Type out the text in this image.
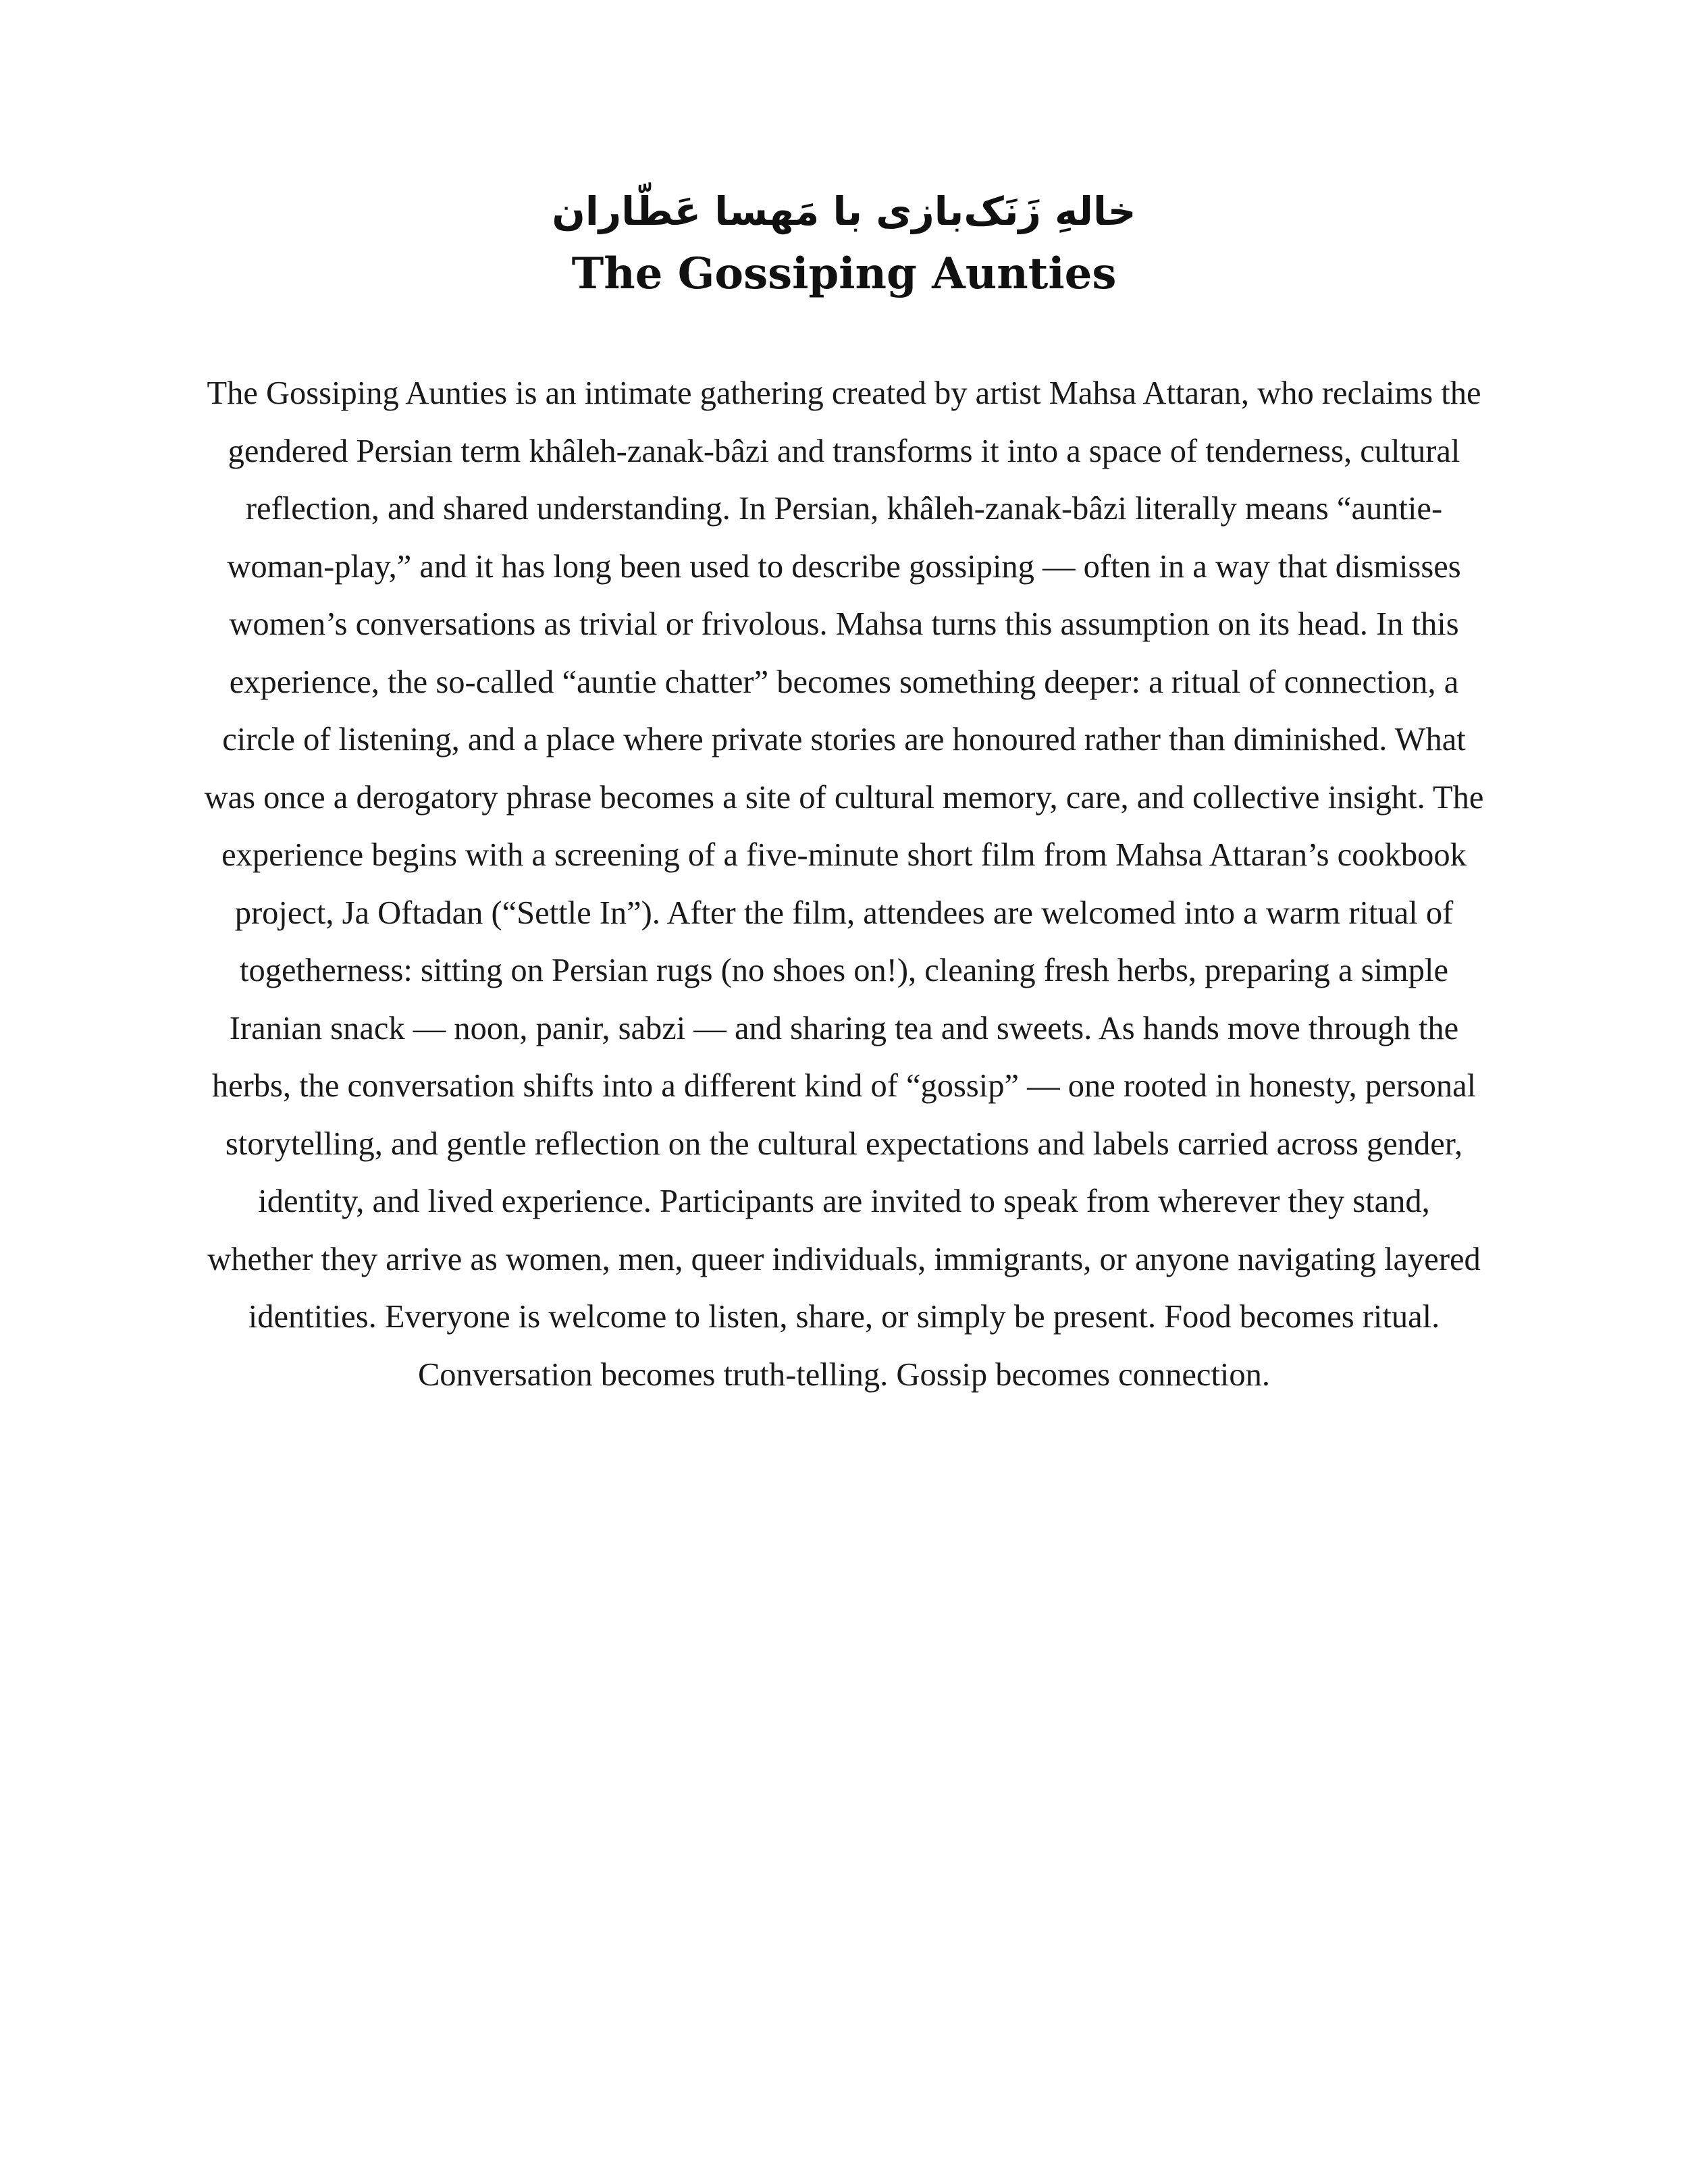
خالهِ زَنَک‌بازی با مَهسا عَطّاران
The Gossiping Aunties

The Gossiping Aunties is an intimate gathering created by artist Mahsa Attaran, who reclaims the gendered Persian term khâleh-zanak-bâzi and transforms it into a space of tenderness, cultural reflection, and shared understanding. In Persian, khâleh-zanak-bâzi literally means “auntie-woman-play,” and it has long been used to describe gossiping — often in a way that dismisses women’s conversations as trivial or frivolous. Mahsa turns this assumption on its head. In this experience, the so-called “auntie chatter” becomes something deeper: a ritual of connection, a circle of listening, and a place where private stories are honoured rather than diminished. What was once a derogatory phrase becomes a site of cultural memory, care, and collective insight. The experience begins with a screening of a five-minute short film from Mahsa Attaran’s cookbook project, Ja Oftadan (“Settle In”). After the film, attendees are welcomed into a warm ritual of togetherness: sitting on Persian rugs (no shoes on!), cleaning fresh herbs, preparing a simple Iranian snack — noon, panir, sabzi — and sharing tea and sweets. As hands move through the herbs, the conversation shifts into a different kind of “gossip” — one rooted in honesty, personal storytelling, and gentle reflection on the cultural expectations and labels carried across gender, identity, and lived experience. Participants are invited to speak from wherever they stand, whether they arrive as women, men, queer individuals, immigrants, or anyone navigating layered identities. Everyone is welcome to listen, share, or simply be present. Food becomes ritual. Conversation becomes truth-telling. Gossip becomes connection.
